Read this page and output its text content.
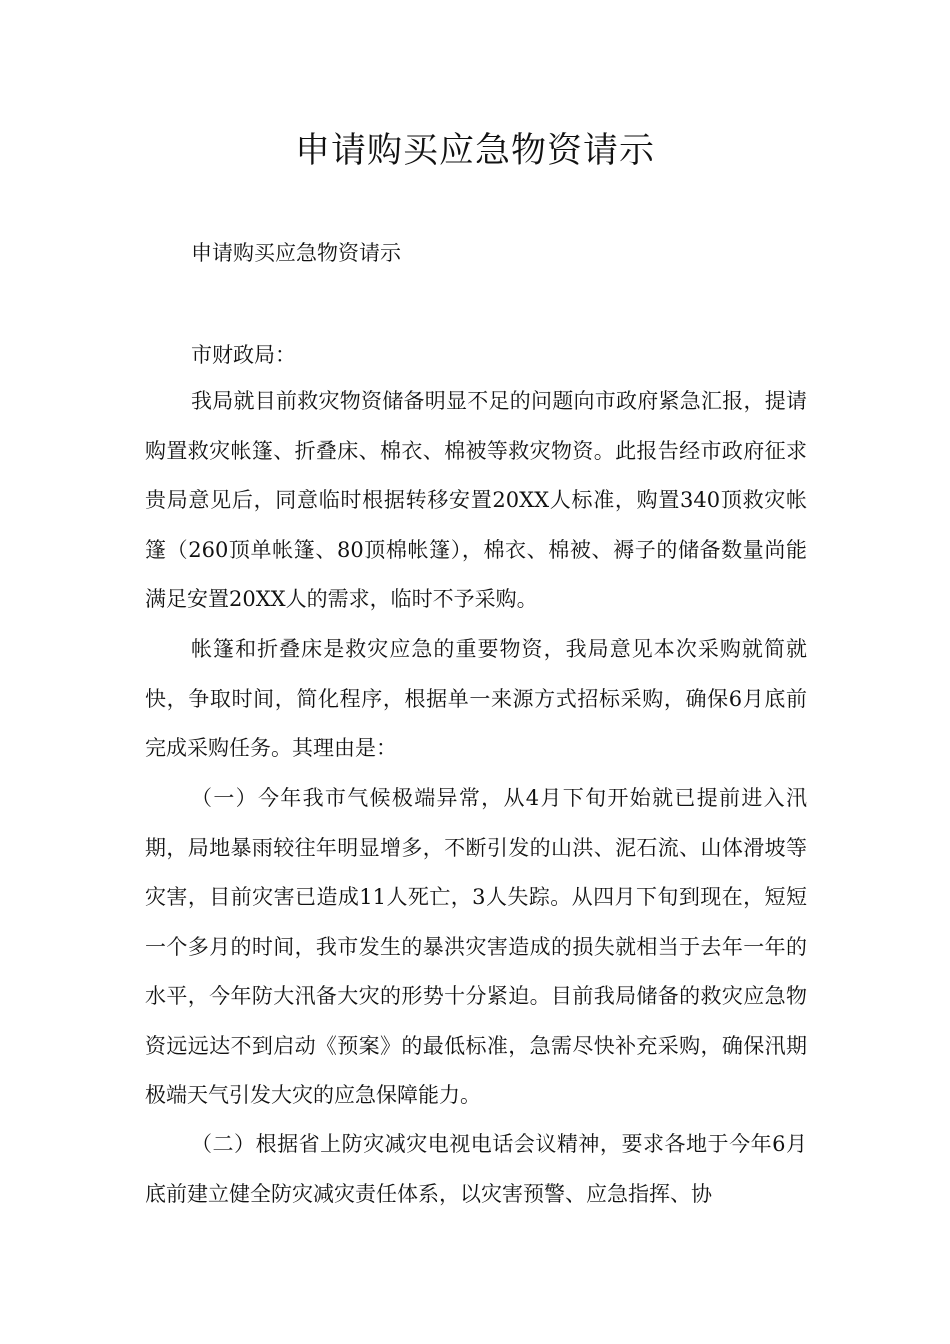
申请购买应急物资请示

申请购买应急物资请示

市财政局：

我局就目前救灾物资储备明显不足的问题向市政府紧急汇报，提请购置救灾帐篷、折叠床、棉衣、棉被等救灾物资。此报告经市政府征求贵局意见后，同意临时根据转移安置20XX人标准，购置340顶救灾帐篷（260顶单帐篷、80顶棉帐篷），棉衣、棉被、褥子的储备数量尚能满足安置20XX人的需求，临时不予采购。

帐篷和折叠床是救灾应急的重要物资，我局意见本次采购就简就快，争取时间，简化程序，根据单一来源方式招标采购，确保6月底前完成采购任务。其理由是：

（一）今年我市气候极端异常，从4月下旬开始就已提前进入汛期，局地暴雨较往年明显增多，不断引发的山洪、泥石流、山体滑坡等灾害，目前灾害已造成11人死亡，3人失踪。从四月下旬到现在，短短一个多月的时间，我市发生的暴洪灾害造成的损失就相当于去年一年的水平，今年防大汛备大灾的形势十分紧迫。目前我局储备的救灾应急物资远远达不到启动《预案》的最低标准，急需尽快补充采购，确保汛期极端天气引发大灾的应急保障能力。

（二）根据省上防灾减灾电视电话会议精神，要求各地于今年6月底前建立健全防灾减灾责任体系，以灾害预警、应急指挥、协
